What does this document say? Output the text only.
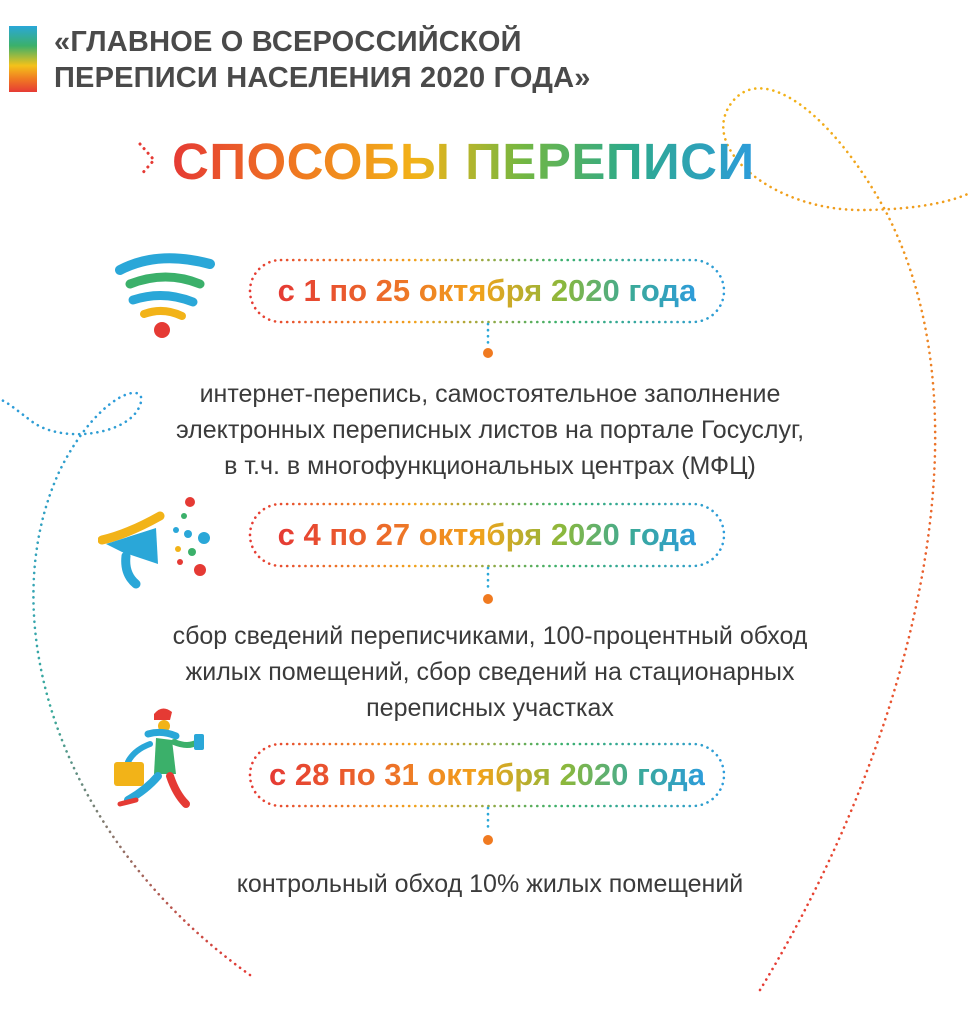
«ГЛАВНОЕ О ВСЕРОССИЙСКОЙ
ПЕРЕПИСИ НАСЕЛЕНИЯ 2020 ГОДА»
СПОСОБЫ ПЕРЕПИСИ
с 1 по 25 октября 2020 года
интернет-перепись, самостоятельное заполнение
электронных переписных листов на портале Госуслуг,
в т.ч. в многофункциональных центрах (МФЦ)
с 4 по 27 октября 2020 года
сбор сведений переписчиками, 100-процентный обход
жилых помещений, сбор сведений на стационарных
переписных участках
с 28 по 31 октября 2020 года
контрольный обход 10% жилых помещений
